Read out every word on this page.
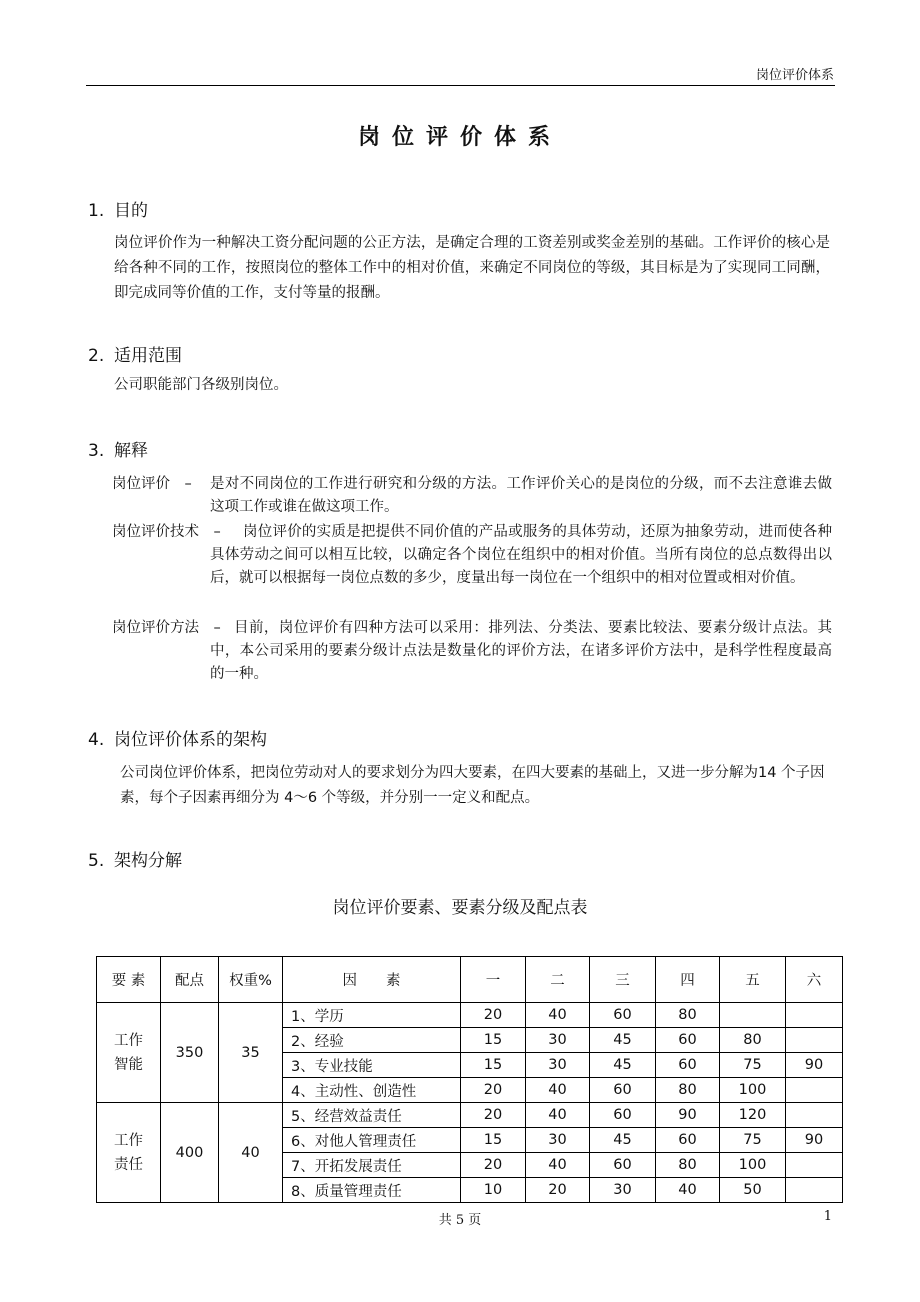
岗位评价体系
岗位评价体系
1. 目的
岗位评价作为一种解决工资分配问题的公正方法，是确定合理的工资差别或奖金差别的基础。工作评价的核心是给各种不同的工作，按照岗位的整体工作中的相对价值，来确定不同岗位的等级，其目标是为了实现同工同酬，即完成同等价值的工作，支付等量的报酬。
2. 适用范围
公司职能部门各级别岗位。
3. 解释
岗位评价　– 是对不同岗位的工作进行研究和分级的方法。工作评价关心的是岗位的分级，而不去注意谁去做这项工作或谁在做这项工作。
岗位评价技术　–	岗位评价的实质是把提供不同价值的产品或服务的具体劳动，还原为抽象劳动，进而使各种具体劳动之间可以相互比较，以确定各个岗位在组织中的相对价值。当所有岗位的总点数得出以后，就可以根据每一岗位点数的多少，度量出每一岗位在一个组织中的相对位置或相对价值。
岗位评价方法　– 目前，岗位评价有四种方法可以采用：排列法、分类法、要素比较法、要素分级计点法。其中，本公司采用的要素分级计点法是数量化的评价方法，在诸多评价方法中，是科学性程度最高的一种。
4. 岗位评价体系的架构
公司岗位评价体系，把岗位劳动对人的要求划分为四大要素，在四大要素的基础上，又进一步分解为14 个子因素，每个子因素再细分为 4～6 个等级，并分别一一定义和配点。
5. 架构分解
岗位评价要素、要素分级及配点表
要 素	配点	权重%	因　　素	一	二	三	四	五	六

工作智能	350	35	1、学历	20	40	60	80		
			2、经验	15	30	45	60	80	
			3、专业技能	15	30	45	60	75	90
			4、主动性、创造性	20	40	60	80	100	

工作责任	400	40	5、经营效益责任	20	40	60	90	120	
			6、对他人管理责任	15	30	45	60	75	90
			7、开拓发展责任	20	40	60	80	100	
			8、质量管理责任	10	20	30	40	50	
共 5 页	1
